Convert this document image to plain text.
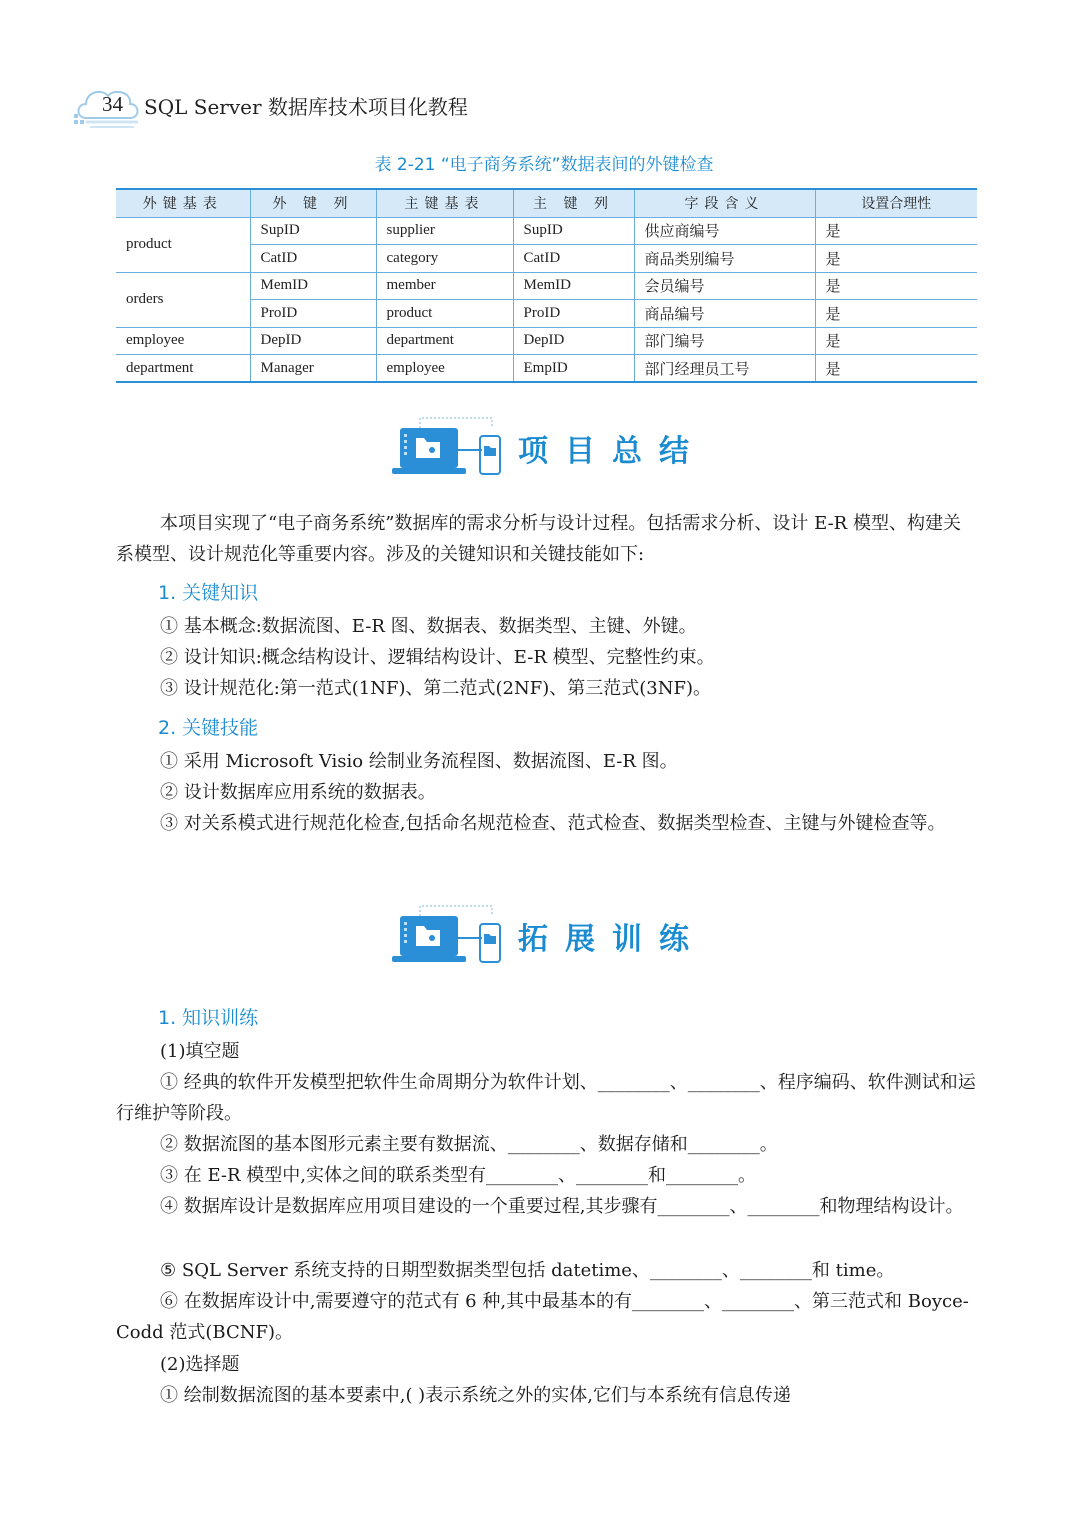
34 SQL Server 数据库技术项目化教程
表 2-21 “电子商务系统”数据表间的外键检查
外键基表	外 键 列	主键基表	主 键 列	字段含义	设置合理性
product	SupID	supplier	SupID	供应商编号	是
	CatID	category	CatID	商品类别编号	是
orders	MemID	member	MemID	会员编号	是
	ProID	product	ProID	商品编号	是
employee	DepID	department	DepID	部门编号	是
department	Manager	employee	EmpID	部门经理员工号	是
项目总结
本项目实现了“电子商务系统”数据库的需求分析与设计过程。包括需求分析、设计 E-R 模型、构建关系模型、设计规范化等重要内容。涉及的关键知识和关键技能如下:
1. 关键知识
① 基本概念:数据流图、E-R 图、数据表、数据类型、主键、外键。
② 设计知识:概念结构设计、逻辑结构设计、E-R 模型、完整性约束。
③ 设计规范化:第一范式(1NF)、第二范式(2NF)、第三范式(3NF)。
2. 关键技能
① 采用 Microsoft Visio 绘制业务流程图、数据流图、E-R 图。
② 设计数据库应用系统的数据表。
③ 对关系模式进行规范化检查,包括命名规范检查、范式检查、数据类型检查、主键与外键检查等。
拓展训练
1. 知识训练
(1)填空题
① 经典的软件开发模型把软件生命周期分为软件计划、________、________、程序编码、软件测试和运行维护等阶段。
② 数据流图的基本图形元素主要有数据流、________、数据存储和________。
③ 在 E-R 模型中,实体之间的联系类型有________、________和________。
④ 数据库设计是数据库应用项目建设的一个重要过程,其步骤有________、________和物理结构设计。
⑤ SQL Server 系统支持的日期型数据类型包括 datetime、________、________和 time。
⑥ 在数据库设计中,需要遵守的范式有 6 种,其中最基本的有________、________、第三范式和 Boyce-Codd 范式(BCNF)。
(2)选择题
① 绘制数据流图的基本要素中,( )表示系统之外的实体,它们与本系统有信息传递
